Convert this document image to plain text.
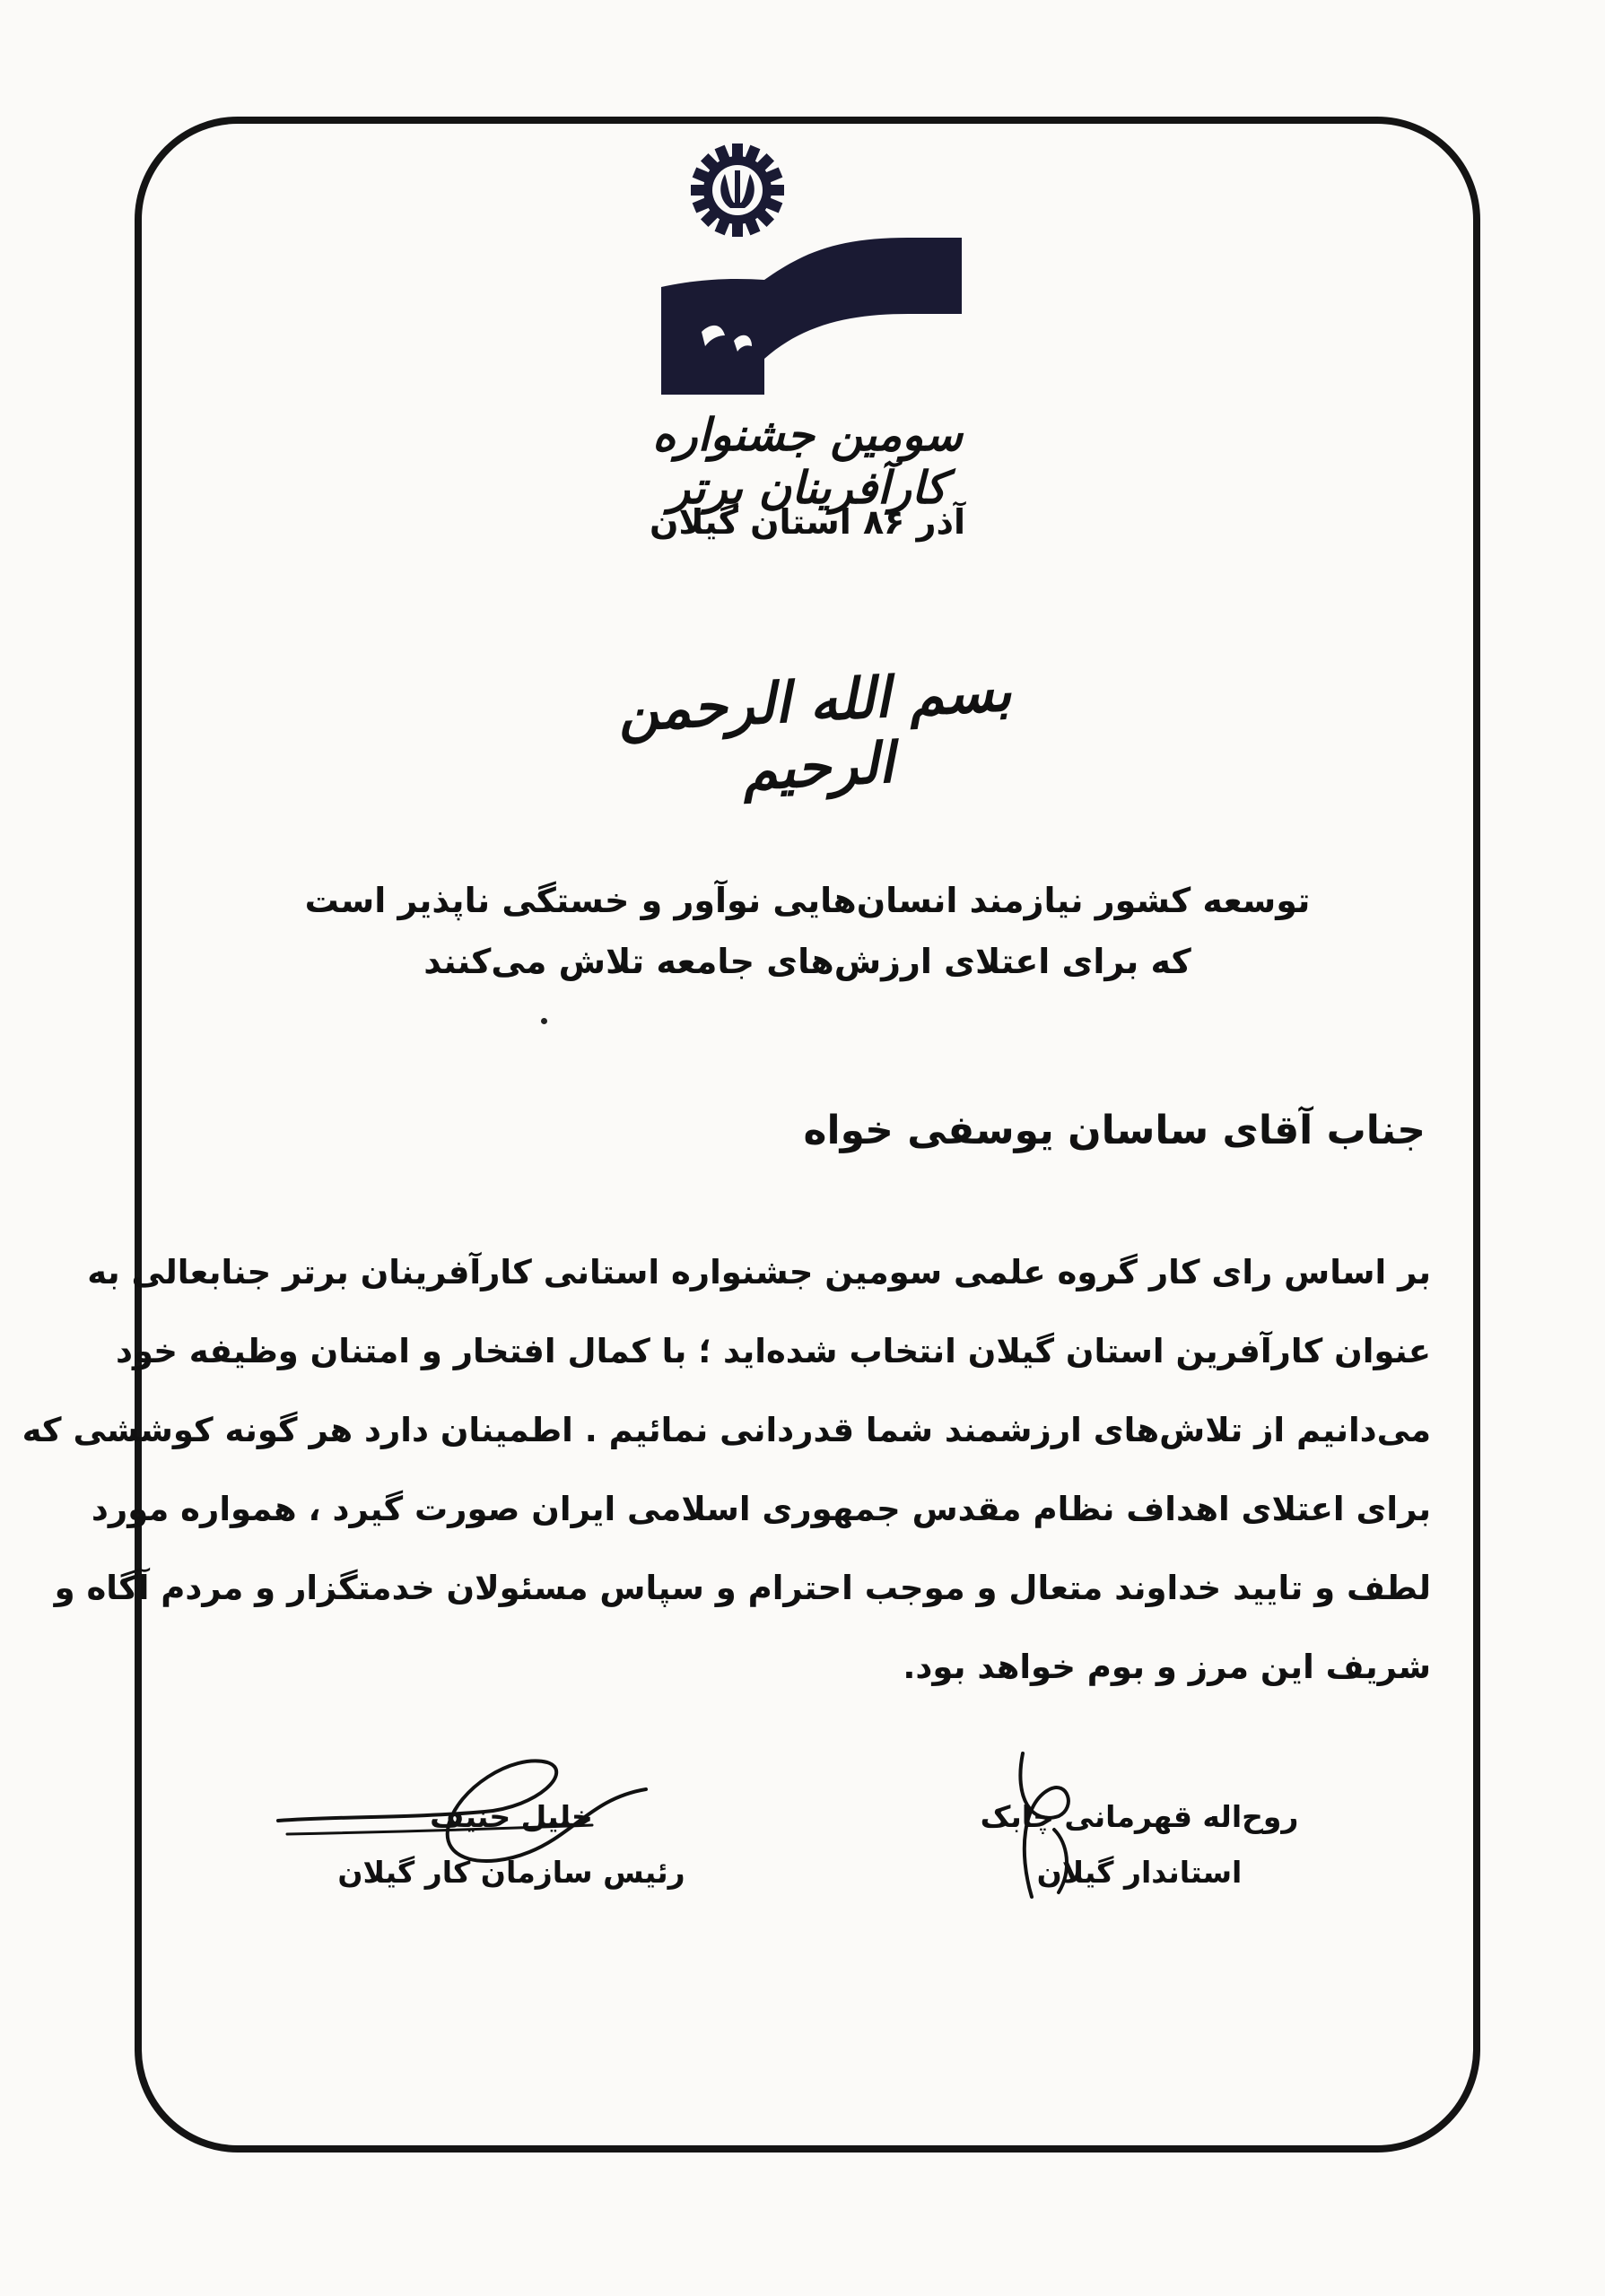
سومین جشنواره کارآفرینان برتر
آذر ۸۶ استان گیلان
بسم الله الرحمن الرحیم
توسعه کشور نیازمند انسان‌هایی نوآور و خستگی ناپذیر است
که برای اعتلای ارزش‌های جامعه تلاش می‌کنند
جناب آقای ساسان یوسفی خواه
بر اساس رای کار گروه علمی سومین جشنواره استانی کارآفرینان برتر جنابعالی به
عنوان کارآفرین استان گیلان انتخاب شده‌اید ؛ با کمال افتخار و امتنان وظیفه خود
می‌دانیم از تلاش‌های ارزشمند شما قدردانی نمائیم . اطمینان دارد هر گونه کوششی که
برای اعتلای اهداف نظام مقدس جمهوری اسلامی ایران صورت گیرد ، همواره مورد
لطف و تایید خداوند متعال و موجب احترام و سپاس مسئولان خدمتگزار و مردم آگاه و
شریف این مرز و بوم خواهد بود.
خلیل حنیف
رئیس سازمان کار گیلان
روح‌اله قهرمانی چابک
استاندار گیلان
